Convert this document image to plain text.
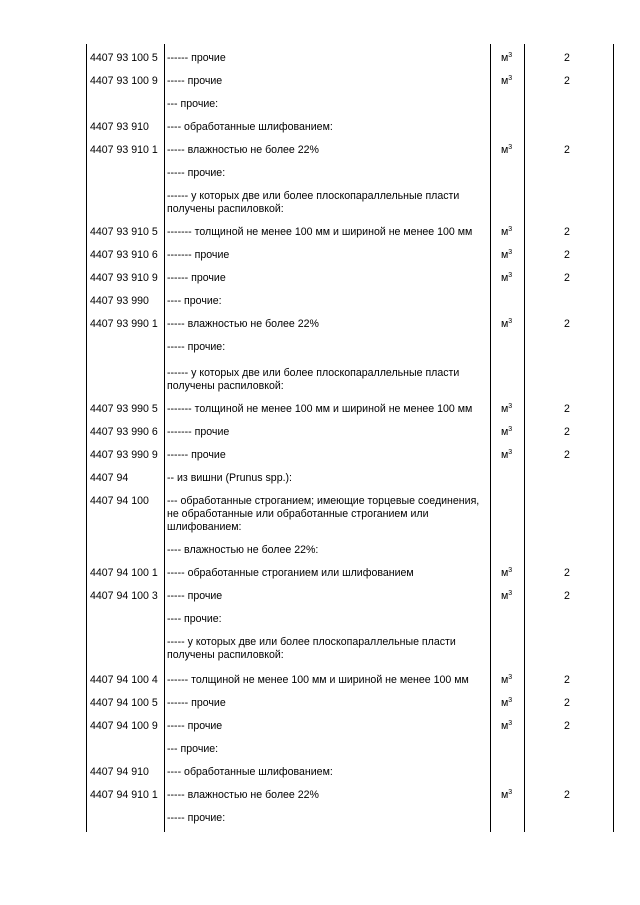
4407 93 100 5 ------ прочие	$м^3$	2
4407 93 100 9 ----- прочие	$м^3$	2
--- прочие:
4407 93 910 ---- обработанные шлифованием:
4407 93 910 1 ----- влажностью не более 22%	$м^3$	2
----- прочие:
------ у которых две или более плоскопараллельные пласти получены распиловкой:
4407 93 910 5 ------- толщиной не менее 100 мм и шириной не менее 100 мм	$м^3$	2
4407 93 910 6 ------- прочие	$м^3$	2
4407 93 910 9 ------ прочие	$м^3$	2
4407 93 990 ---- прочие:
4407 93 990 1 ----- влажностью не более 22%	$м^3$	2
----- прочие:
------ у которых две или более плоскопараллельные пласти получены распиловкой:
4407 93 990 5 ------- толщиной не менее 100 мм и шириной не менее 100 мм	$м^3$	2
4407 93 990 6 ------- прочие	$м^3$	2
4407 93 990 9 ------ прочие	$м^3$	2
4407 94	-- из вишни (Prunus spp.):
4407 94 100 --- обработанные строганием; имеющие торцевые соединения, не обработанные или обработанные строганием или шлифованием:
---- влажностью не более 22%:
4407 94 100 1 ----- обработанные строганием или шлифованием	$м^3$	2
4407 94 100 3 ----- прочие	$м^3$	2
---- прочие:
----- у которых две или более плоскопараллельные пласти получены распиловкой:
4407 94 100 4 ------ толщиной не менее 100 мм и шириной не менее 100 мм	$м^3$	2
4407 94 100 5 ------ прочие	$м^3$	2
4407 94 100 9 ----- прочие	$м^3$	2
--- прочие:
4407 94 910 ---- обработанные шлифованием:
4407 94 910 1 ----- влажностью не более 22%	$м^3$	2
----- прочие:
